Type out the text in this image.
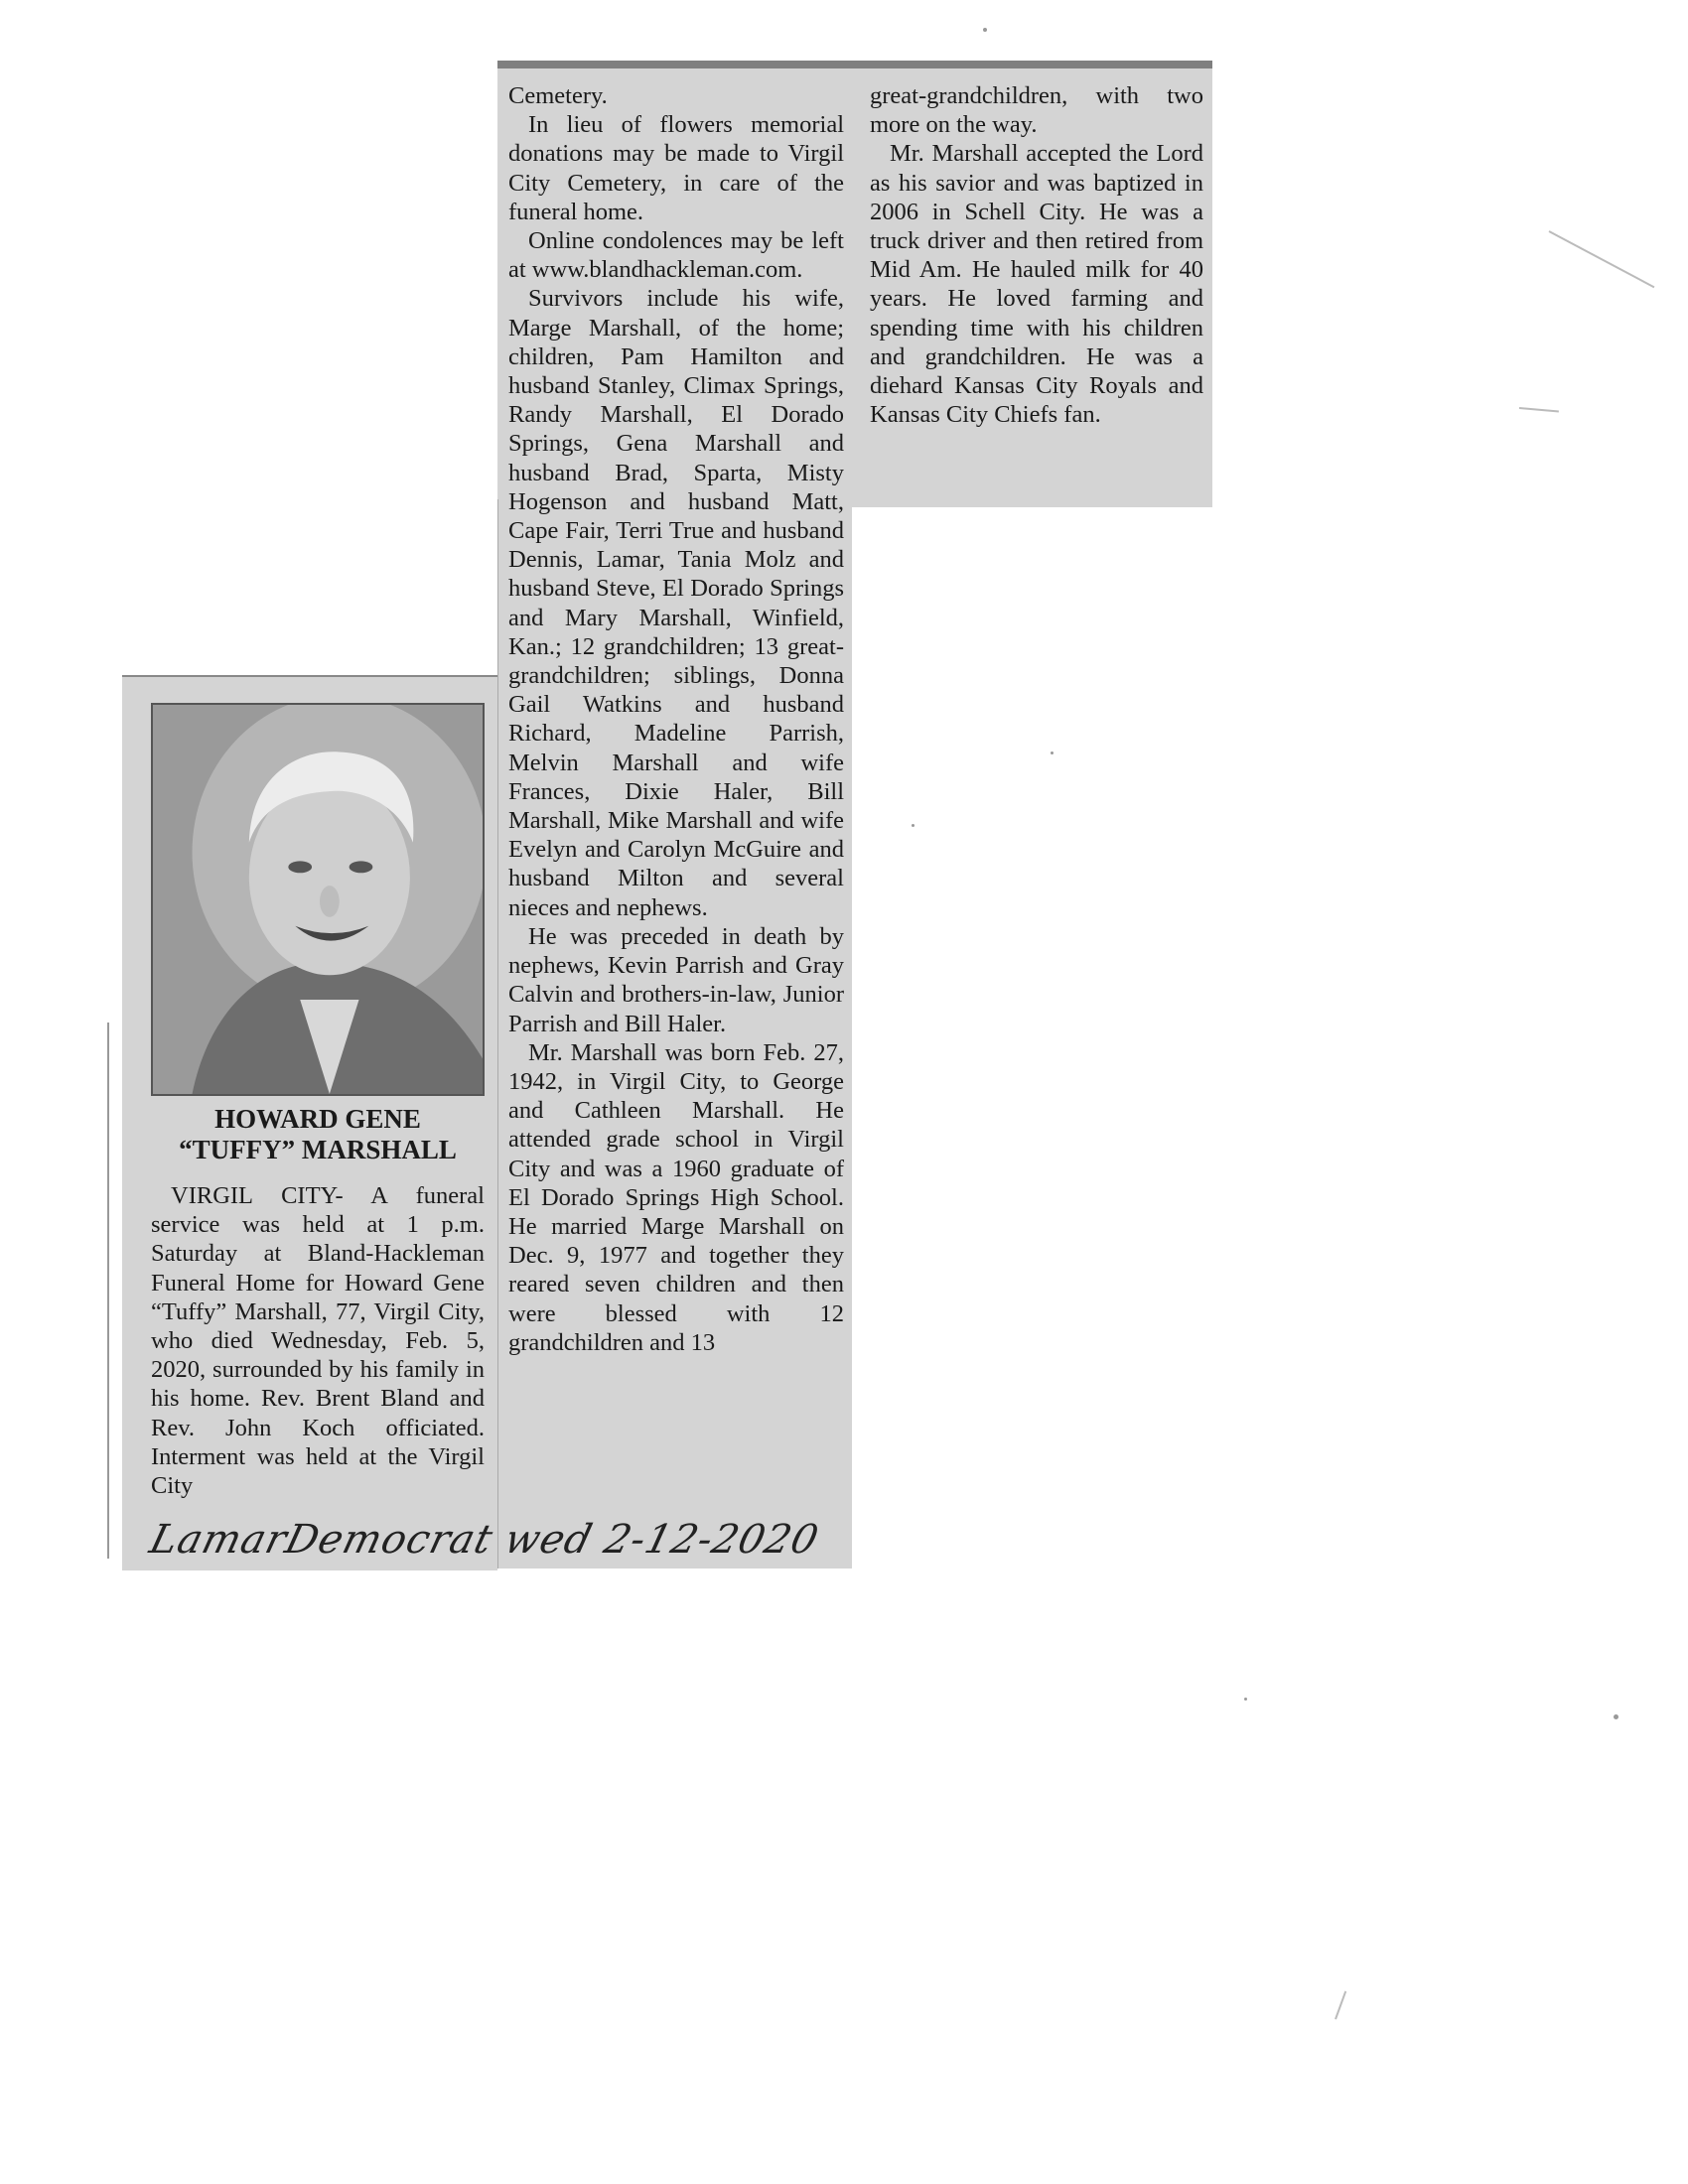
HOWARD GENE
“TUFFY” MARSHALL

VIRGIL CITY- A funeral service was held at 1 p.m. Saturday at Bland-Hackleman Funeral Home for Howard Gene “Tuffy” Marshall, 77, Virgil City, who died Wednesday, Feb. 5, 2020, surrounded by his family in his home. Rev. Brent Bland and Rev. John Koch officiated. Interment was held at the Virgil City

Cemetery.

In lieu of flowers memorial donations may be made to Virgil City Cemetery, in care of the funeral home.

Online condolences may be left at www.blandhackleman.com.

Survivors include his wife, Marge Marshall, of the home; children, Pam Hamilton and husband Stanley, Climax Springs, Randy Marshall, El Dorado Springs, Gena Marshall and husband Brad, Sparta, Misty Hogenson and husband Matt, Cape Fair, Terri True and husband Dennis, Lamar, Tania Molz and husband Steve, El Dorado Springs and Mary Marshall, Winfield, Kan.; 12 grandchildren; 13 great-grandchildren; siblings, Donna Gail Watkins and husband Richard, Madeline Parrish, Melvin Marshall and wife Frances, Dixie Haler, Bill Marshall, Mike Marshall and wife Evelyn and Carolyn McGuire and husband Milton and several nieces and nephews.

He was preceded in death by nephews, Kevin Parrish and Gray Calvin and brothers-in-law, Junior Parrish and Bill Haler.

Mr. Marshall was born Feb. 27, 1942, in Virgil City, to George and Cathleen Marshall. He attended grade school in Virgil City and was a 1960 graduate of El Dorado Springs High School. He married Marge Marshall on Dec. 9, 1977 and together they reared seven children and then were blessed with 12 grandchildren and 13

great-grandchildren, with two more on the way.

Mr. Marshall accepted the Lord as his savior and was baptized in 2006 in Schell City. He was a truck driver and then retired from Mid Am. He hauled milk for 40 years. He loved farming and spending time with his children and grandchildren. He was a diehard Kansas City Royals and Kansas City Chiefs fan.

LamarDemocrat wed 2-12-2020
